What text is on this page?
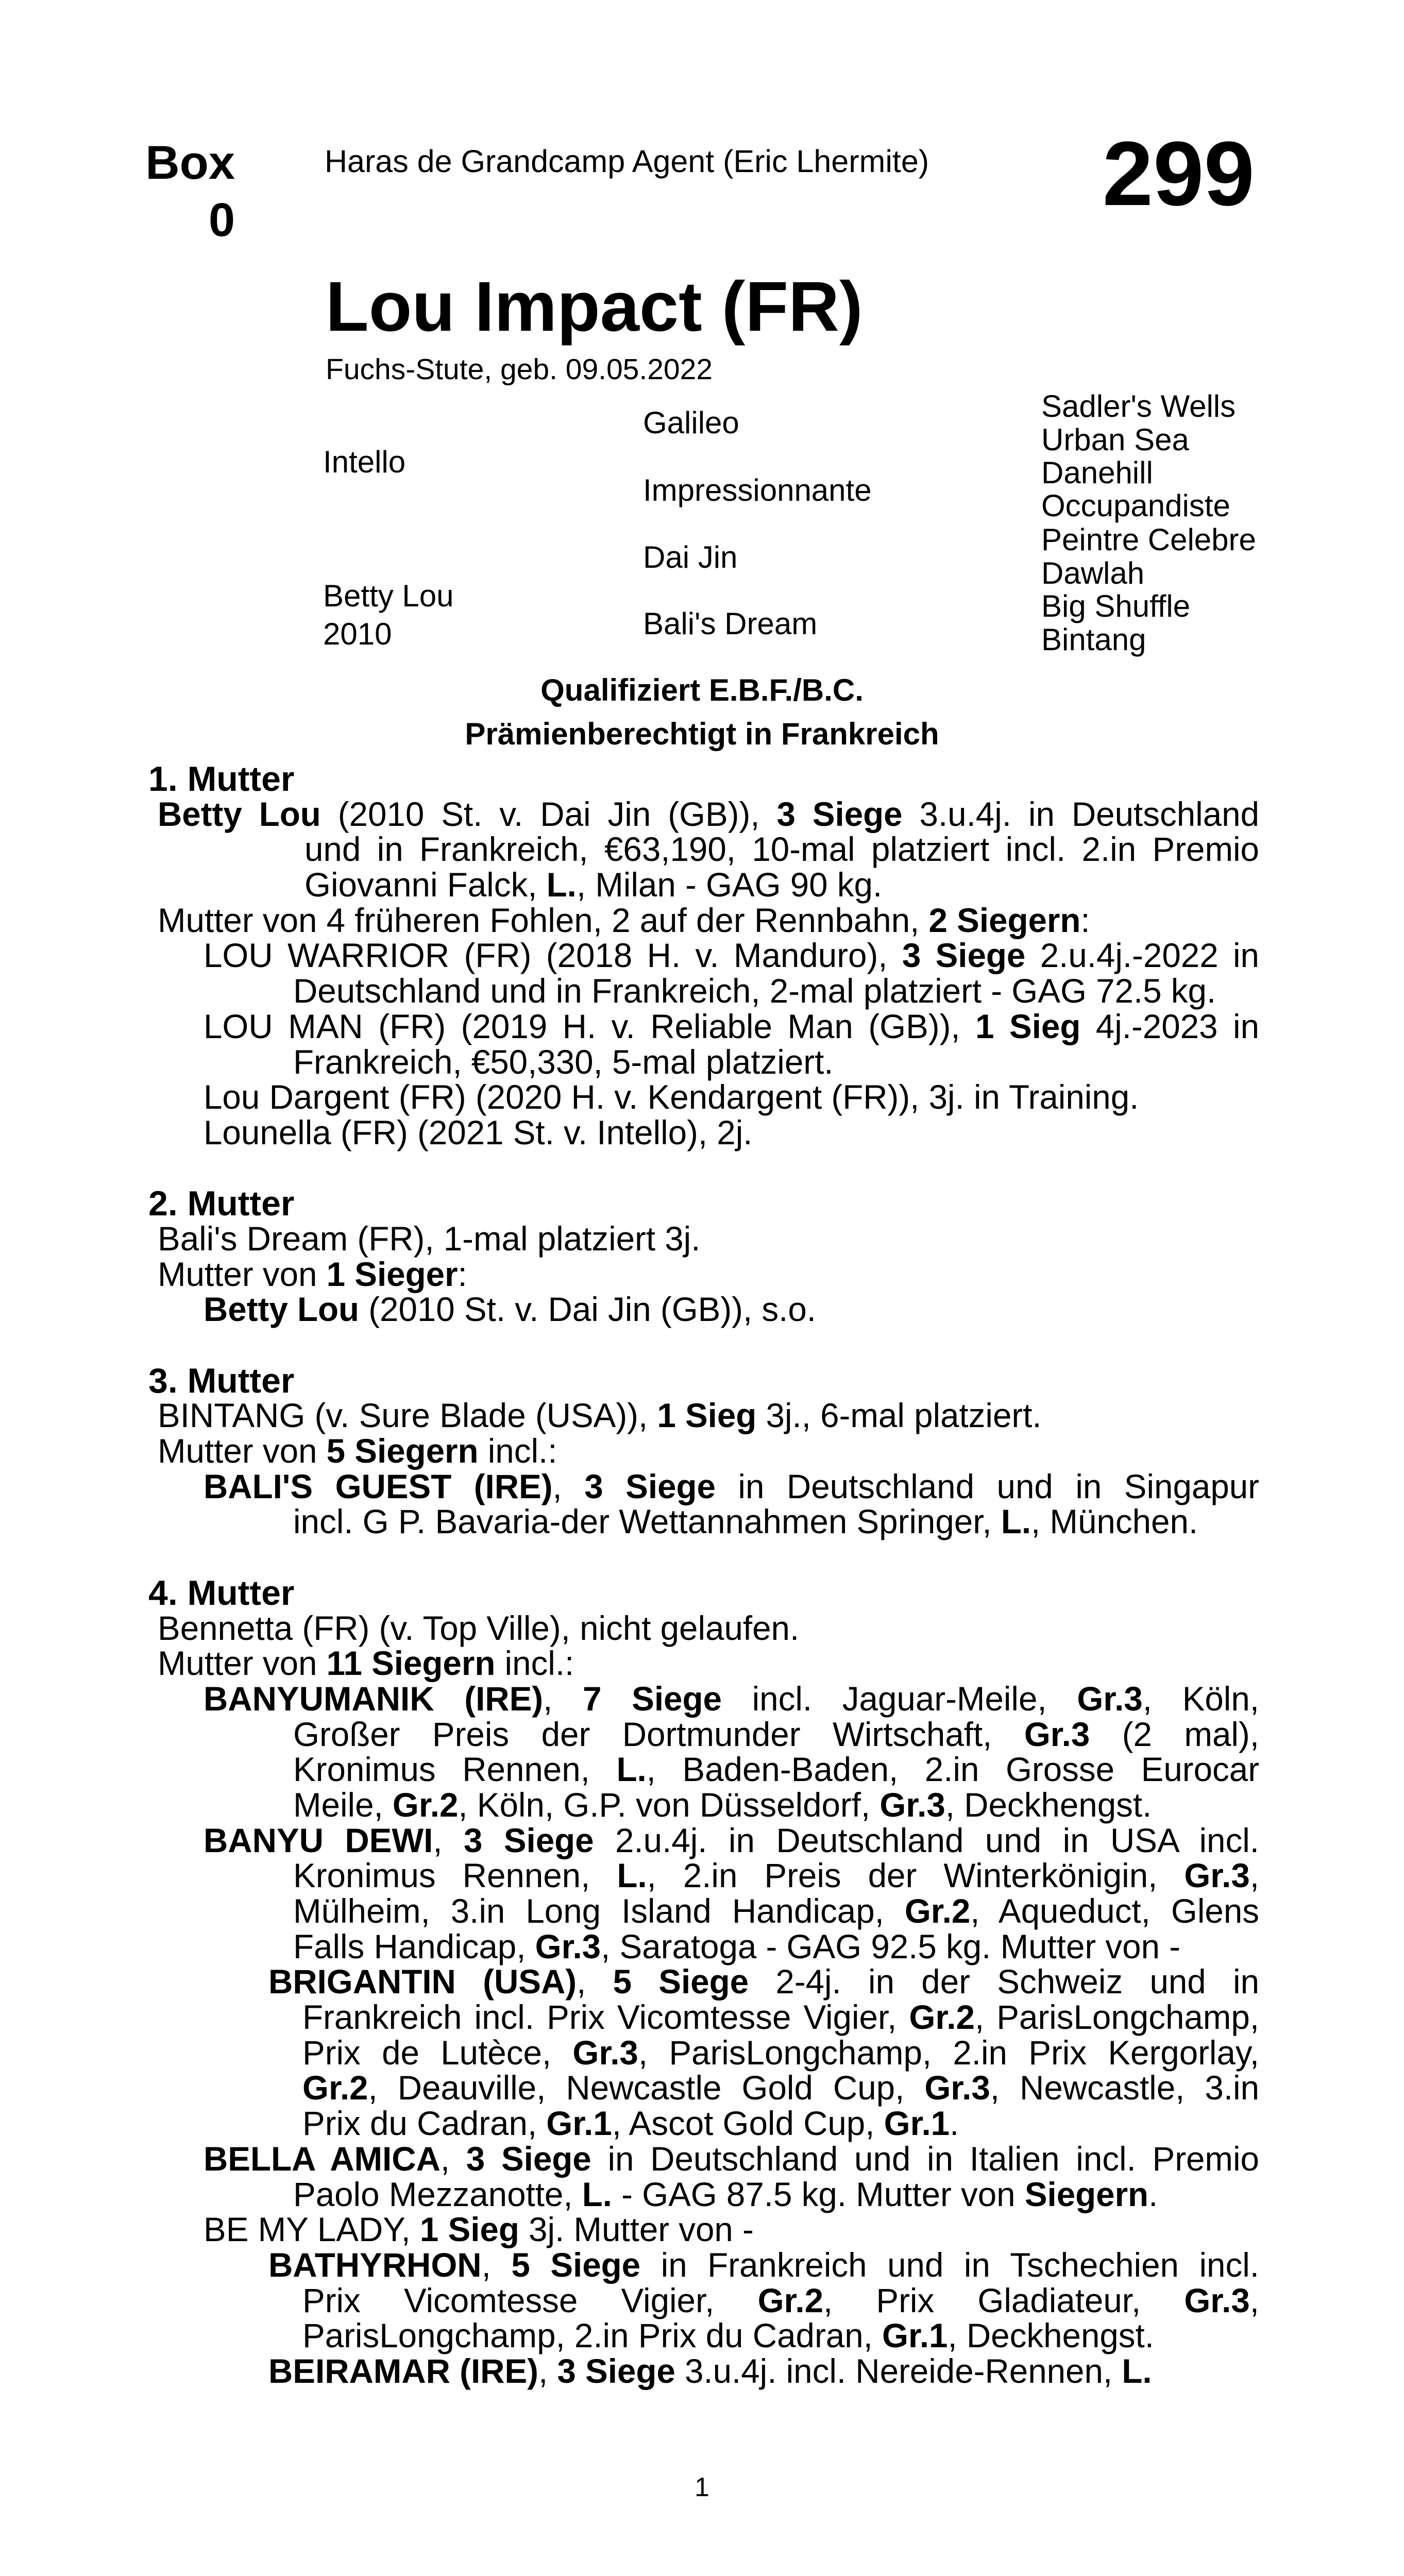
Box
0
Haras de Grandcamp Agent (Eric Lhermite) 299
Lou Impact (FR)
Fuchs-Stute, geb. 09.05.2022
Intello
Betty Lou
2010
Galileo
Impressionnante
Dai Jin
Bali's Dream
Sadler's Wells
Urban Sea
Danehill
Occupandiste
Peintre Celebre
Dawlah
Big Shuffle
Bintang
Qualifiziert E.B.F./B.C.
Prämienberechtigt in Frankreich
1. Mutter
Betty Lou (2010 St. v. Dai Jin (GB)), 3 Siege 3.u.4j. in Deutschland
und in Frankreich, €63,190, 10-mal platziert incl. 2.in Premio
Giovanni Falck, L., Milan - GAG 90 kg.
Mutter von 4 früheren Fohlen, 2 auf der Rennbahn, 2 Siegern:
LOU WARRIOR (FR) (2018 H. v. Manduro), 3 Siege 2.u.4j.-2022 in
Deutschland und in Frankreich, 2-mal platziert - GAG 72.5 kg.
LOU MAN (FR) (2019 H. v. Reliable Man (GB)), 1 Sieg 4j.-2023 in
Frankreich, €50,330, 5-mal platziert.
Lou Dargent (FR) (2020 H. v. Kendargent (FR)), 3j. in Training.
Lounella (FR) (2021 St. v. Intello), 2j.
2. Mutter
Bali's Dream (FR), 1-mal platziert 3j.
Mutter von 1 Sieger:
Betty Lou (2010 St. v. Dai Jin (GB)), s.o.
3. Mutter
BINTANG (v. Sure Blade (USA)), 1 Sieg 3j., 6-mal platziert.
Mutter von 5 Siegern incl.:
BALI'S GUEST (IRE), 3 Siege in Deutschland und in Singapur
incl. G P. Bavaria-der Wettannahmen Springer, L., München.
4. Mutter
Bennetta (FR) (v. Top Ville), nicht gelaufen.
Mutter von 11 Siegern incl.:
BANYUMANIK (IRE), 7 Siege incl. Jaguar-Meile, Gr.3, Köln,
Großer Preis der Dortmunder Wirtschaft, Gr.3 (2 mal),
Kronimus Rennen, L., Baden-Baden, 2.in Grosse Eurocar
Meile, Gr.2, Köln, G.P. von Düsseldorf, Gr.3, Deckhengst.
BANYU DEWI, 3 Siege 2.u.4j. in Deutschland und in USA incl.
Kronimus Rennen, L., 2.in Preis der Winterkönigin, Gr.3,
Mülheim, 3.in Long Island Handicap, Gr.2, Aqueduct, Glens
Falls Handicap, Gr.3, Saratoga - GAG 92.5 kg. Mutter von -
BRIGANTIN (USA), 5 Siege 2-4j. in der Schweiz und in
Frankreich incl. Prix Vicomtesse Vigier, Gr.2, ParisLongchamp,
Prix de Lutèce, Gr.3, ParisLongchamp, 2.in Prix Kergorlay,
Gr.2, Deauville, Newcastle Gold Cup, Gr.3, Newcastle, 3.in
Prix du Cadran, Gr.1, Ascot Gold Cup, Gr.1.
BELLA AMICA, 3 Siege in Deutschland und in Italien incl. Premio
Paolo Mezzanotte, L. - GAG 87.5 kg. Mutter von Siegern.
BE MY LADY, 1 Sieg 3j. Mutter von -
BATHYRHON, 5 Siege in Frankreich und in Tschechien incl.
Prix Vicomtesse Vigier, Gr.2, Prix Gladiateur, Gr.3,
ParisLongchamp, 2.in Prix du Cadran, Gr.1, Deckhengst.
BEIRAMAR (IRE), 3 Siege 3.u.4j. incl. Nereide-Rennen, L.
1
